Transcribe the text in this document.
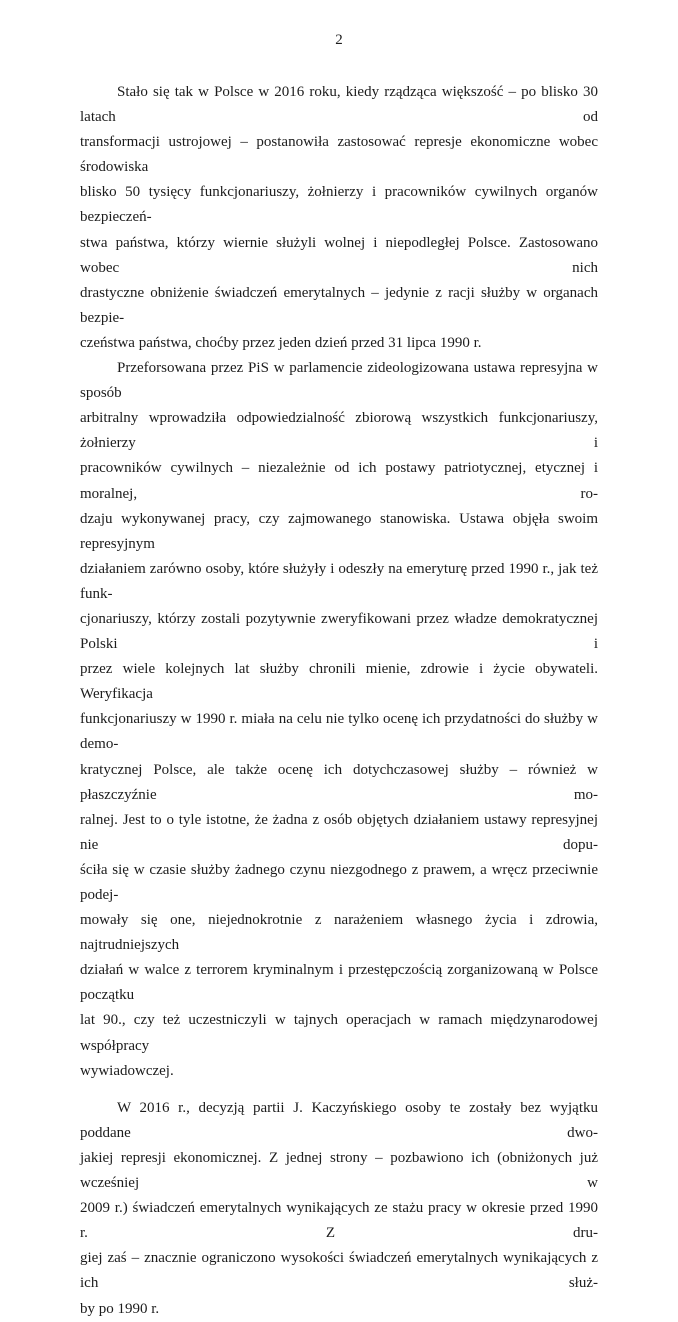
2
Stało się tak w Polsce w 2016 roku, kiedy rządząca większość – po blisko 30 latach od
transformacji ustrojowej – postanowiła zastosować represje ekonomiczne wobec środowiska
blisko 50 tysięcy funkcjonariuszy, żołnierzy i pracowników cywilnych organów bezpieczeń-
stwa państwa, którzy wiernie służyli wolnej i niepodległej Polsce. Zastosowano wobec nich
drastyczne obniżenie świadczeń emerytalnych – jedynie z racji służby w organach bezpie-
czeństwa państwa, choćby przez jeden dzień przed 31 lipca 1990 r.
Przeforsowana przez PiS w parlamencie zideologizowana ustawa represyjna w sposób
arbitralny wprowadziła odpowiedzialność zbiorową wszystkich funkcjonariuszy, żołnierzy i
pracowników cywilnych – niezależnie od ich postawy patriotycznej, etycznej i moralnej, ro-
dzaju wykonywanej pracy, czy zajmowanego stanowiska. Ustawa objęła swoim represyjnym
działaniem zarówno osoby, które służyły i odeszły na emeryturę przed 1990 r., jak też funk-
cjonariuszy, którzy zostali pozytywnie zweryfikowani przez władze demokratycznej Polski i
przez wiele kolejnych lat służby chronili mienie, zdrowie i życie obywateli. Weryfikacja
funkcjonariuszy w 1990 r. miała na celu nie tylko ocenę ich przydatności do służby w demo-
kratycznej Polsce, ale także ocenę ich dotychczasowej służby – również w płaszczyźnie mo-
ralnej. Jest to o tyle istotne, że żadna z osób objętych działaniem ustawy represyjnej nie dopu-
ściła się w czasie służby żadnego czynu niezgodnego z prawem, a wręcz przeciwnie podej-
mowały się one, niejednokrotnie z narażeniem własnego życia i zdrowia, najtrudniejszych
działań w walce z terrorem kryminalnym i przestępczością zorganizowaną w Polsce początku
lat 90., czy też uczestniczyli w tajnych operacjach w ramach międzynarodowej współpracy
wywiadowczej.
W 2016 r., decyzją partii J. Kaczyńskiego osoby te zostały bez wyjątku poddane dwo-
jakiej represji ekonomicznej. Z jednej strony – pozbawiono ich (obniżonych już wcześniej w
2009 r.) świadczeń emerytalnych wynikających ze stażu pracy w okresie przed 1990 r. Z dru-
giej zaś – znacznie ograniczono wysokości świadczeń emerytalnych wynikających z ich służ-
by po 1990 r.
